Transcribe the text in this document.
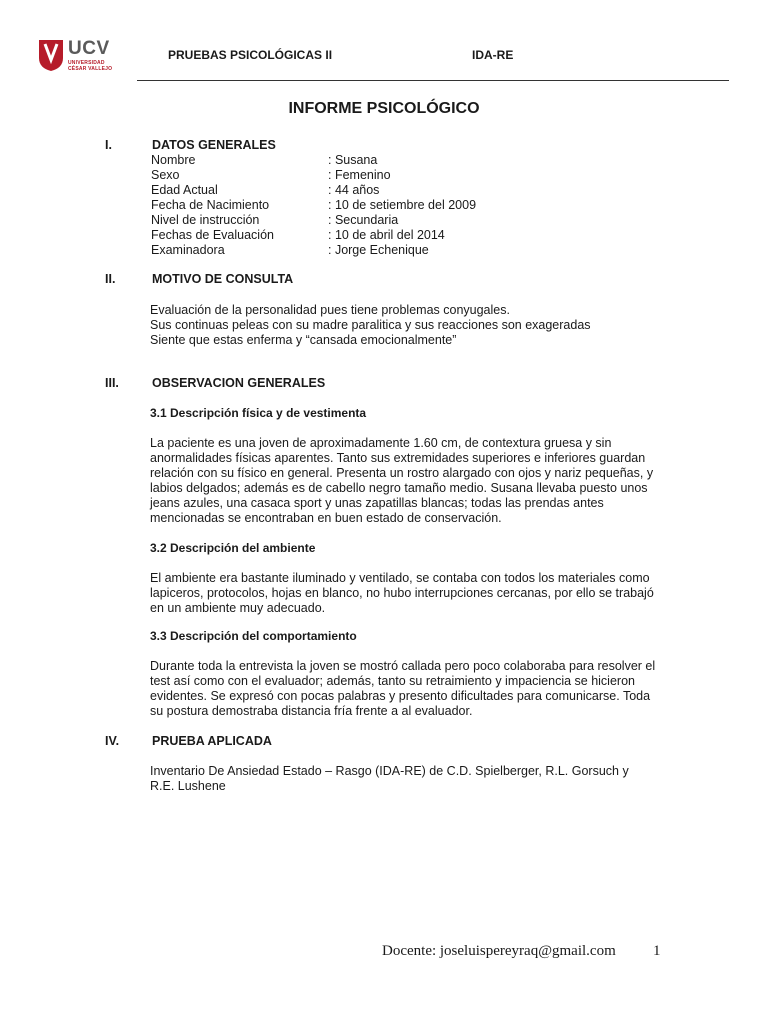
UCV
UNIVERSIDAD
CÉSAR VALLEJO
PRUEBAS PSICOLÓGICAS II	IDA-RE
INFORME PSICOLÓGICO
I.	DATOS GENERALES
Nombre	: Susana
Sexo	: Femenino
Edad Actual	: 44 años
Fecha de Nacimiento	: 10 de setiembre del 2009
Nivel de instrucción	: Secundaria
Fechas de Evaluación	: 10 de abril del 2014
Examinadora	: Jorge Echenique
II.	MOTIVO DE CONSULTA
Evaluación de la personalidad pues tiene problemas conyugales.
Sus continuas peleas con su madre paralitica y sus reacciones son exageradas
Siente que estas enferma y “cansada emocionalmente”
III.	OBSERVACION GENERALES
3.1 Descripción física y de vestimenta
La paciente es una joven de aproximadamente 1.60 cm, de contextura gruesa y sin
anormalidades físicas aparentes. Tanto sus extremidades superiores e inferiores guardan
relación con su físico en general. Presenta un rostro alargado con ojos y nariz pequeñas, y
labios delgados; además es de cabello negro tamaño medio. Susana llevaba puesto unos
jeans azules, una casaca sport y unas zapatillas blancas; todas las prendas antes
mencionadas se encontraban en buen estado de conservación.
3.2 Descripción del ambiente
El ambiente era bastante iluminado y ventilado, se contaba con todos los materiales como
lapiceros, protocolos, hojas en blanco, no hubo interrupciones cercanas, por ello se trabajó
en un ambiente muy adecuado.
3.3 Descripción del comportamiento
Durante toda la entrevista la joven se mostró callada pero poco colaboraba para resolver el
test así como con el evaluador; además, tanto su retraimiento y impaciencia se hicieron
evidentes. Se expresó con pocas palabras y presento dificultades para comunicarse. Toda
su postura demostraba distancia fría frente a al evaluador.
IV.	PRUEBA APLICADA
Inventario De Ansiedad Estado – Rasgo (IDA-RE) de C.D. Spielberger, R.L. Gorsuch y
R.E. Lushene
Docente: joseluispereyraq@gmail.com 1
